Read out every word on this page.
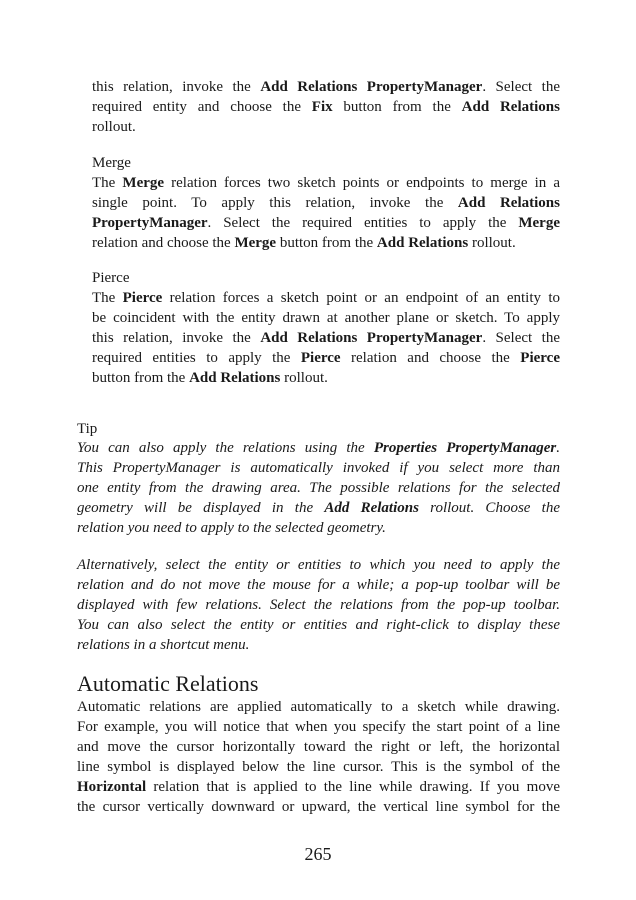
this relation, invoke the Add Relations PropertyManager. Select the
required entity and choose the Fix button from the Add Relations
rollout.
Merge
The Merge relation forces two sketch points or endpoints to merge in a
single point. To apply this relation, invoke the Add Relations
PropertyManager. Select the required entities to apply the Merge
relation and choose the Merge button from the Add Relations rollout.
Pierce
The Pierce relation forces a sketch point or an endpoint of an entity to
be coincident with the entity drawn at another plane or sketch. To apply
this relation, invoke the Add Relations PropertyManager. Select the
required entities to apply the Pierce relation and choose the Pierce
button from the Add Relations rollout.
Tip
You can also apply the relations using the Properties PropertyManager.
This PropertyManager is automatically invoked if you select more than
one entity from the drawing area. The possible relations for the selected
geometry will be displayed in the Add Relations rollout. Choose the
relation you need to apply to the selected geometry.
Alternatively, select the entity or entities to which you need to apply the
relation and do not move the mouse for a while; a pop-up toolbar will be
displayed with few relations. Select the relations from the pop-up toolbar.
You can also select the entity or entities and right-click to display these
relations in a shortcut menu.
Automatic Relations
Automatic relations are applied automatically to a sketch while drawing.
For example, you will notice that when you specify the start point of a line
and move the cursor horizontally toward the right or left, the horizontal
line symbol is displayed below the line cursor. This is the symbol of the
Horizontal relation that is applied to the line while drawing. If you move
the cursor vertically downward or upward, the vertical line symbol for the
265
